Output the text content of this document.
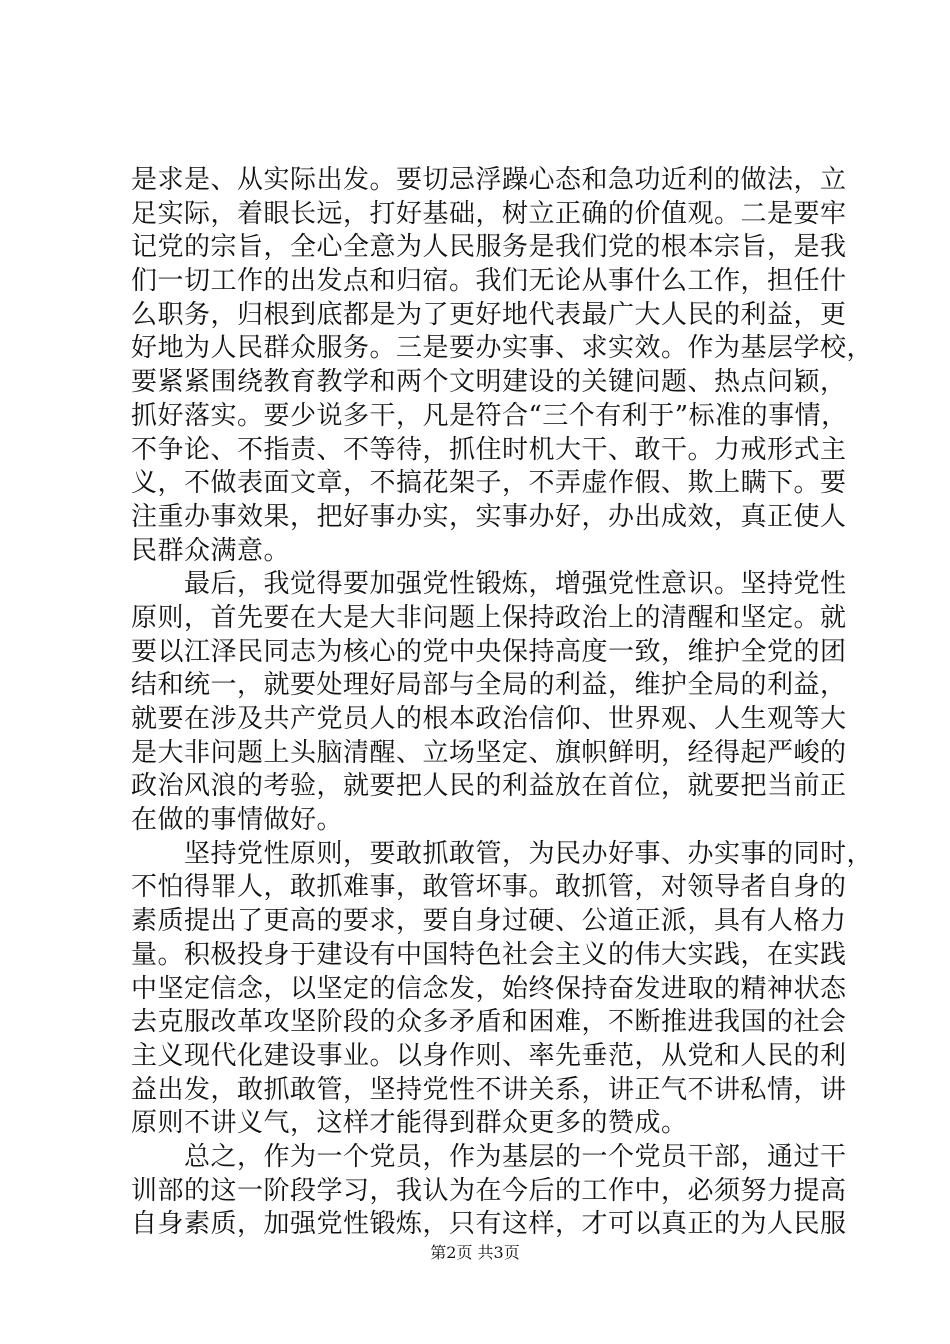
是求是、从实际出发。要切忌浮躁心态和急功近利的做法，立
足实际，着眼长远，打好基础，树立正确的价值观。二是要牢
记党的宗旨，全心全意为人民服务是我们党的根本宗旨，是我
们一切工作的出发点和归宿。我们无论从事什么工作，担任什
么职务，归根到底都是为了更好地代表最广大人民的利益，更
好地为人民群众服务。三是要办实事、求实效。作为基层学校，
要紧紧围绕教育教学和两个文明建设的关键问题、热点问颖，
抓好落实。要少说多干，凡是符合“三个有利于”标准的事情，
不争论、不指责、不等待，抓住时机大干、敢干。力戒形式主
义，不做表面文章，不搞花架子，不弄虚作假、欺上瞒下。要
注重办事效果，把好事办实，实事办好，办出成效，真正使人
民群众满意。
　　最后，我觉得要加强党性锻炼，增强党性意识。坚持党性
原则，首先要在大是大非问题上保持政治上的清醒和坚定。就
要以江泽民同志为核心的党中央保持高度一致，维护全党的团
结和统一，就要处理好局部与全局的利益，维护全局的利益，
就要在涉及共产党员人的根本政治信仰、世界观、人生观等大
是大非问题上头脑清醒、立场坚定、旗帜鲜明，经得起严峻的
政治风浪的考验，就要把人民的利益放在首位，就要把当前正
在做的事情做好。
　　坚持党性原则，要敢抓敢管，为民办好事、办实事的同时，
不怕得罪人，敢抓难事，敢管坏事。敢抓管，对领导者自身的
素质提出了更高的要求，要自身过硬、公道正派，具有人格力
量。积极投身于建设有中国特色社会主义的伟大实践，在实践
中坚定信念，以坚定的信念发，始终保持奋发进取的精神状态
去克服改革攻坚阶段的众多矛盾和困难，不断推进我国的社会
主义现代化建设事业。以身作则、率先垂范，从党和人民的利
益出发，敢抓敢管，坚持党性不讲关系，讲正气不讲私情，讲
原则不讲义气，这样才能得到群众更多的赞成。
　　总之，作为一个党员，作为基层的一个党员干部，通过干
训部的这一阶段学习，我认为在今后的工作中，必须努力提高
自身素质，加强党性锻炼，只有这样，才可以真正的为人民服
第2页 共3页
